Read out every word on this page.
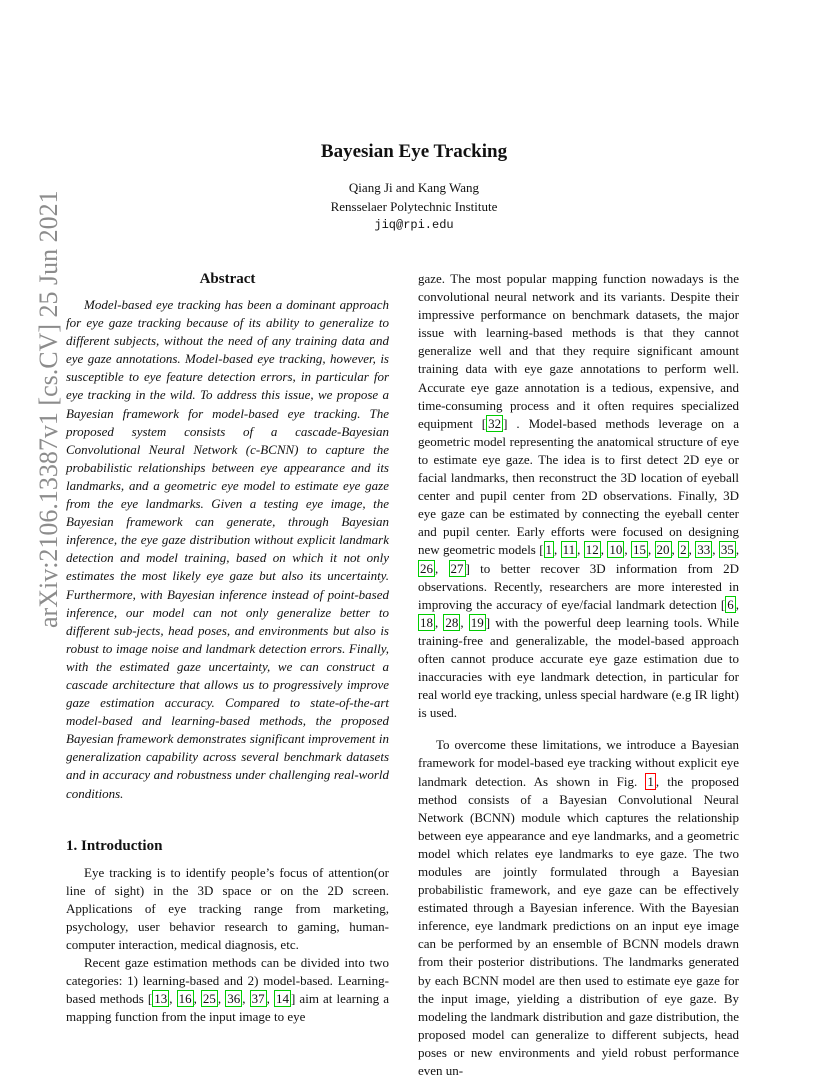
Bayesian Eye Tracking
Qiang Ji and Kang Wang
Rensselaer Polytechnic Institute
jiq@rpi.edu
arXiv:2106.13387v1 [cs.CV] 25 Jun 2021	Abstract

Model-based eye tracking has been a dominant approach for eye gaze tracking because of its ability to generalize to different subjects, without the need of any training data and eye gaze annotations. Model-based eye tracking, however, is susceptible to eye feature detection errors, in particular for eye tracking in the wild. To address this issue, we propose a Bayesian framework for model-based eye tracking. The proposed system consists of a cascade-Bayesian Convolutional Neural Network (c-BCNN) to capture the probabilistic relationships between eye appearance and its landmarks, and a geometric eye model to estimate eye gaze from the eye landmarks. Given a testing eye image, the Bayesian framework can generate, through Bayesian inference, the eye gaze distribution without explicit landmark detection and model training, based on which it not only estimates the most likely eye gaze but also its uncertainty. Furthermore, with Bayesian inference instead of point-based inference, our model can not only generalize better to different sub-jects, head poses, and environments but also is robust to image noise and landmark detection errors. Finally, with the estimated gaze uncertainty, we can construct a cascade architecture that allows us to progressively improve gaze estimation accuracy. Compared to state-of-the-art model-based and learning-based methods, the proposed Bayesian framework demonstrates significant improvement in generalization capability across several benchmark datasets and in accuracy and robustness under challenging real-world conditions.

1. Introduction

Eye tracking is to identify people’s focus of attention(or line of sight) in the 3D space or on the 2D screen. Applications of eye tracking range from marketing, psychology, user behavior research to gaming, human-computer interaction, medical diagnosis, etc.

Recent gaze estimation methods can be divided into two categories: 1) learning-based and 2) model-based. Learning-based methods [ 13 , 16 , 25 , 36 , 37 , 14 ] aim at learning a mapping function from the input image to eye

gaze. The most popular mapping function nowadays is the convolutional neural network and its variants. Despite their impressive performance on benchmark datasets, the major issue with learning-based methods is that they cannot generalize well and that they require significant amount training data with eye gaze annotations to perform well. Accurate eye gaze annotation is a tedious, expensive, and time-consuming process and it often requires specialized equipment [ 32 ] . Model-based methods leverage on a geometric model representing the anatomical structure of eye to estimate eye gaze. The idea is to first detect 2D eye or facial landmarks, then reconstruct the 3D location of eyeball center and pupil center from 2D observations. Finally, 3D eye gaze can be estimated by connecting the eyeball center and pupil center. Early efforts were focused on designing new geometric models [ 1 , 11 , 12 , 10 , 15 , 20 , 2 , 33 , 35 , 26 , 27 ] to better recover 3D information from 2D observations. Recently, researchers are more interested in improving the accuracy of eye/facial landmark detection [ 6 , 18 , 28 , 19 ] with the powerful deep learning tools. While training-free and generalizable, the model-based approach often cannot produce accurate eye gaze estimation due to inaccuracies with eye landmark detection, in particular for real world eye tracking, unless special hardware (e.g IR light) is used.

To overcome these limitations, we introduce a Bayesian framework for model-based eye tracking without explicit eye landmark detection. As shown in Fig. 1 , the proposed method consists of a Bayesian Convolutional Neural Network (BCNN) module which captures the relationship between eye appearance and eye landmarks, and a geometric model which relates eye landmarks to eye gaze. The two modules are jointly formulated through a Bayesian probabilistic framework, and eye gaze can be effectively estimated through a Bayesian inference. With the Bayesian inference, eye landmark predictions on an input eye image can be performed by an ensemble of BCNN models drawn from their posterior distributions. The landmarks generated by each BCNN model are then used to estimate eye gaze for the input image, yielding a distribution of eye gaze. By modeling the landmark distribution and gaze distribution, the proposed model can generalize to different subjects, head poses or new environments and yield robust performance even un-
